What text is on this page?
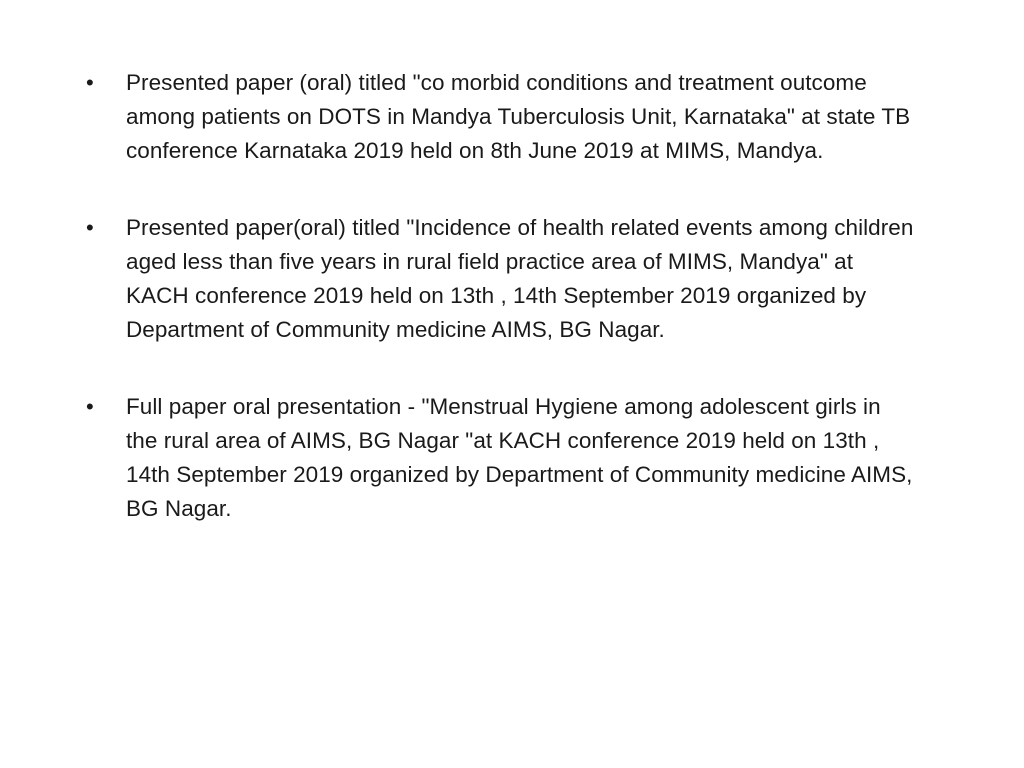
•	Presented paper (oral) titled "co morbid conditions and treatment outcome among patients on DOTS in Mandya Tuberculosis Unit, Karnataka" at state TB conference Karnataka 2019 held on 8th June 2019 at MIMS, Mandya.
•	Presented paper(oral) titled "Incidence of health related events among children aged less than five years in rural field practice area of MIMS, Mandya" at KACH conference 2019 held on 13th , 14th September 2019 organized by Department of Community medicine AIMS, BG Nagar.
•	Full paper oral presentation - "Menstrual Hygiene among adolescent girls in the rural area of AIMS, BG Nagar "at KACH conference 2019 held on 13th , 14th September 2019 organized by Department of Community medicine AIMS, BG Nagar.
